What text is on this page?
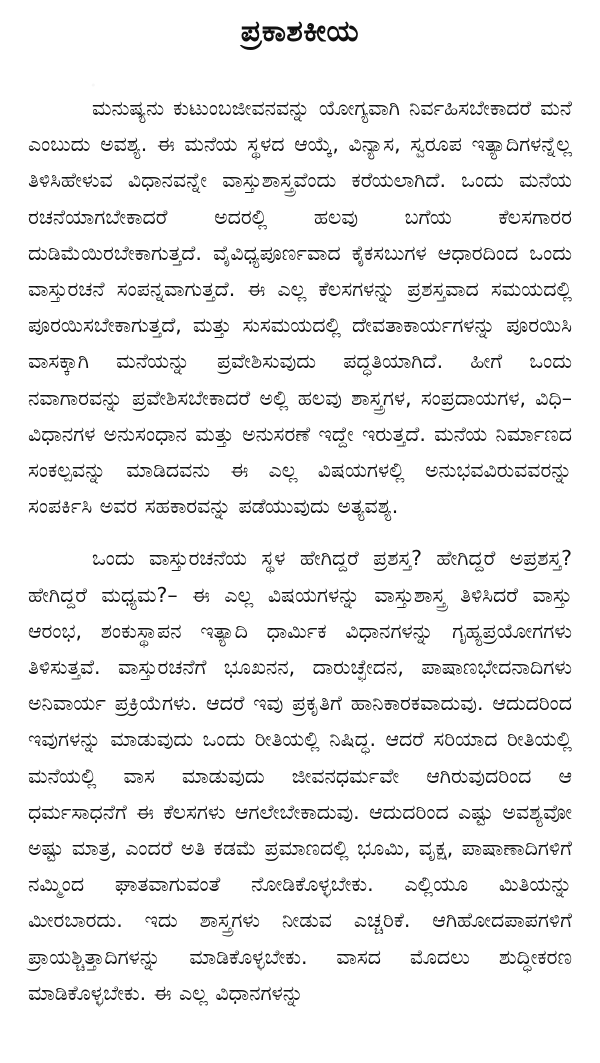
ಪ್ರಕಾಶಕೀಯ

ಮನುಷ್ಯನು ಕುಟುಂಬಜೀವನವನ್ನು ಯೋಗ್ಯವಾಗಿ ನಿರ್ವಹಿಸಬೇಕಾದರೆ ಮನೆ ಎಂಬುದು ಅವಶ್ಯ. ಈ ಮನೆಯ ಸ್ಥಳದ ಆಯ್ಕೆ, ವಿನ್ಯಾಸ, ಸ್ವರೂಪ ಇತ್ಯಾದಿಗಳನ್ನೆಲ್ಲ ತಿಳಿಸಿಹೇಳುವ ವಿಧಾನವನ್ನೇ ವಾಸ್ತುಶಾಸ್ತ್ರವೆಂದು ಕರೆಯಲಾಗಿದೆ. ಒಂದು ಮನೆಯ ರಚನೆಯಾಗಬೇಕಾದರೆ ಅದರಲ್ಲಿ ಹಲವು ಬಗೆಯ ಕೆಲಸಗಾರರ ದುಡಿಮೆಯಿರಬೇಕಾಗುತ್ತದೆ. ವೈವಿಧ್ಯಪೂರ್ಣವಾದ ಕೈಕಸಬುಗಳ ಆಧಾರದಿಂದ ಒಂದು ವಾಸ್ತುರಚನೆ ಸಂಪನ್ನವಾಗುತ್ತದೆ. ಈ ಎಲ್ಲ ಕೆಲಸಗಳನ್ನು ಪ್ರಶಸ್ತವಾದ ಸಮಯದಲ್ಲಿ ಪೂರಯಿಸಬೇಕಾಗುತ್ತದೆ, ಮತ್ತು ಸುಸಮಯದಲ್ಲಿ ದೇವತಾಕಾರ್ಯಗಳನ್ನು ಪೂರಯಿಸಿ ವಾಸಕ್ಕಾಗಿ ಮನೆಯನ್ನು ಪ್ರವೇಶಿಸುವುದು ಪದ್ಧತಿಯಾಗಿದೆ. ಹೀಗೆ ಒಂದು ನವಾಗಾರವನ್ನು ಪ್ರವೇಶಿಸಬೇಕಾದರೆ ಅಲ್ಲಿ ಹಲವು ಶಾಸ್ತ್ರಗಳ, ಸಂಪ್ರದಾಯಗಳ, ವಿಧಿ–ವಿಧಾನಗಳ ಅನುಸಂಧಾನ ಮತ್ತು ಅನುಸರಣೆ ಇದ್ದೇ ಇರುತ್ತದೆ. ಮನೆಯ ನಿರ್ಮಾಣದ ಸಂಕಲ್ಪವನ್ನು ಮಾಡಿದವನು ಈ ಎಲ್ಲ ವಿಷಯಗಳಲ್ಲಿ ಅನುಭವವಿರುವವರನ್ನು ಸಂಪರ್ಕಿಸಿ ಅವರ ಸಹಕಾರವನ್ನು ಪಡೆಯುವುದು ಅತ್ಯವಶ್ಯ.

ಒಂದು ವಾಸ್ತುರಚನೆಯ ಸ್ಥಳ ಹೇಗಿದ್ದರೆ ಪ್ರಶಸ್ತ? ಹೇಗಿದ್ದರೆ ಅಪ್ರಶಸ್ತ? ಹೇಗಿದ್ದರೆ ಮಧ್ಯಮ?– ಈ ಎಲ್ಲ ವಿಷಯಗಳನ್ನು ವಾಸ್ತುಶಾಸ್ತ್ರ ತಿಳಿಸಿದರೆ ವಾಸ್ತು ಆರಂಭ, ಶಂಕುಸ್ಥಾಪನ ಇತ್ಯಾದಿ ಧಾರ್ಮಿಕ ವಿಧಾನಗಳನ್ನು ಗೃಹ್ಯಪ್ರಯೋಗಗಳು ತಿಳಿಸುತ್ತವೆ. ವಾಸ್ತುರಚನೆಗೆ ಭೂಖನನ, ದಾರುಚ್ಛೇದನ, ಪಾಷಾಣಭೇದನಾದಿಗಳು ಅನಿವಾರ್ಯ ಪ್ರಕ್ರಿಯೆಗಳು. ಆದರೆ ಇವು ಪ್ರಕೃತಿಗೆ ಹಾನಿಕಾರಕವಾದುವು. ಆದುದರಿಂದ ಇವುಗಳನ್ನು ಮಾಡುವುದು ಒಂದು ರೀತಿಯಲ್ಲಿ ನಿಷಿದ್ಧ. ಆದರೆ ಸರಿಯಾದ ರೀತಿಯಲ್ಲಿ ಮನೆಯಲ್ಲಿ ವಾಸ ಮಾಡುವುದು ಜೀವನಧರ್ಮವೇ ಆಗಿರುವುದರಿಂದ ಆ ಧರ್ಮಸಾಧನೆಗೆ ಈ ಕೆಲಸಗಳು ಆಗಲೇಬೇಕಾದುವು. ಆದುದರಿಂದ ಎಷ್ಟು ಅವಶ್ಯವೋ ಅಷ್ಟು ಮಾತ್ರ, ಎಂದರೆ ಅತಿ ಕಡಮೆ ಪ್ರಮಾಣದಲ್ಲಿ ಭೂಮಿ, ವೃಕ್ಷ, ಪಾಷಾಣಾದಿಗಳಿಗೆ ನಮ್ಮಿಂದ ಘಾತವಾಗುವಂತೆ ನೋಡಿಕೊಳ್ಳಬೇಕು. ಎಲ್ಲಿಯೂ ಮಿತಿಯನ್ನು ಮೀರಬಾರದು. ಇದು ಶಾಸ್ತ್ರಗಳು ನೀಡುವ ಎಚ್ಚರಿಕೆ. ಆಗಿಹೋದಪಾಪಗಳಿಗೆ ಪ್ರಾಯಶ್ಚಿತ್ತಾದಿಗಳನ್ನು ಮಾಡಿಕೊಳ್ಳಬೇಕು. ವಾಸದ ಮೊದಲು ಶುದ್ಧೀಕರಣ ಮಾಡಿಕೊಳ್ಳಬೇಕು. ಈ ಎಲ್ಲ ವಿಧಾನಗಳನ್ನು
